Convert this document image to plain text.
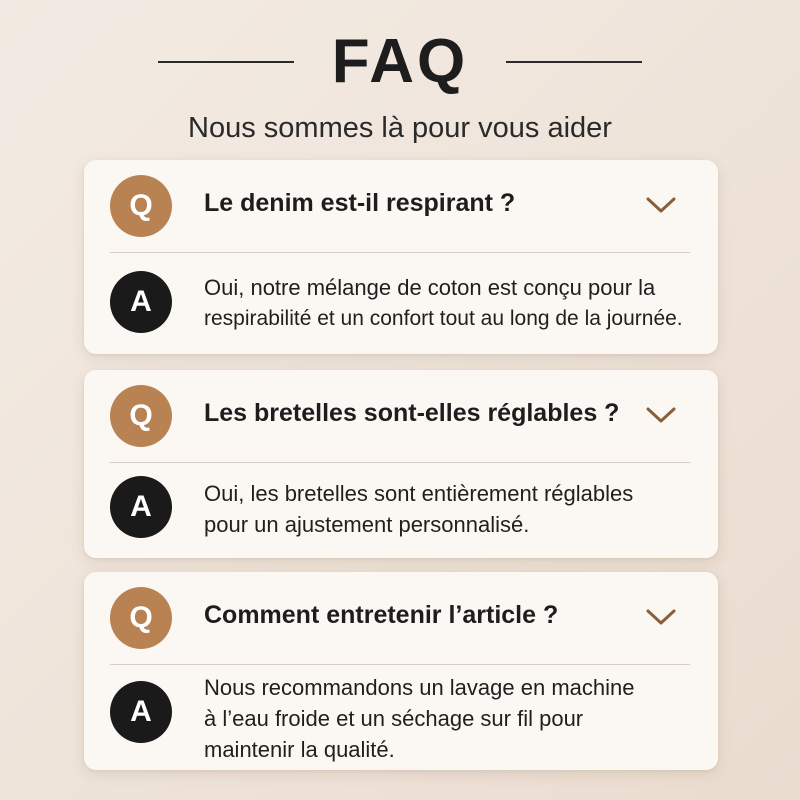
FAQ
Nous sommes là pour vous aider
Q	Le denim est-il respirant ?
A	Oui, notre mélange de coton est conçu pour la
respirabilité et un confort tout au long de la journée.
Q	Les bretelles sont-elles réglables ?
A	Oui, les bretelles sont entièrement réglables
pour un ajustement personnalisé.
Q	Comment entretenir l’article ?
A
Nous recommandons un lavage en machine
à l’eau froide et un séchage sur fil pour
maintenir la qualité.
